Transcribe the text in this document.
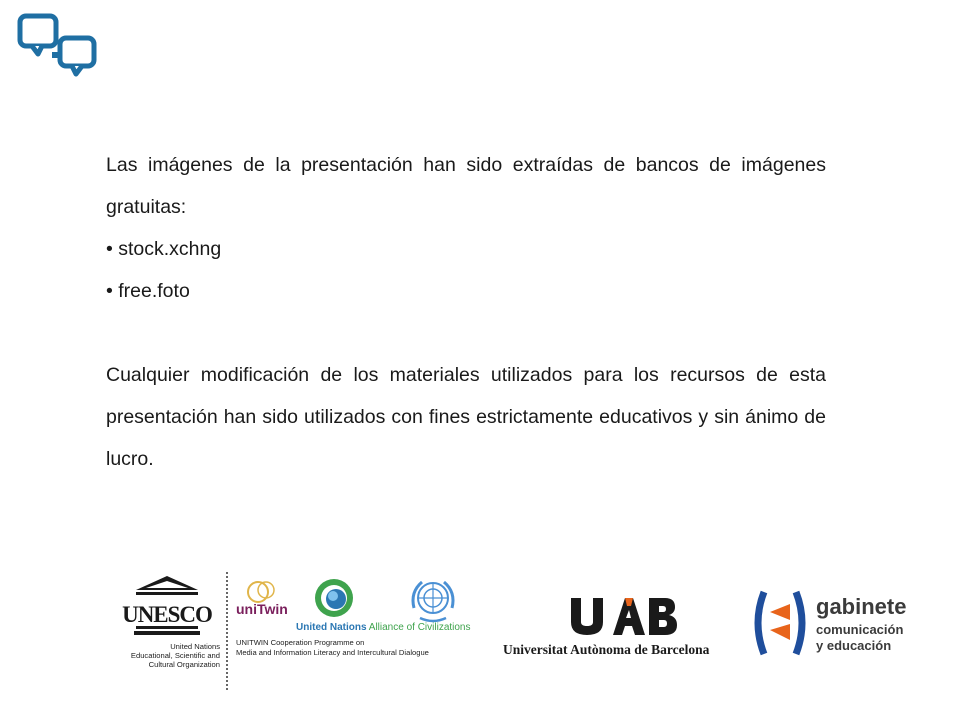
Las imágenes de la presentación han sido extraídas de bancos de imágenes gratuitas:

• stock.xchng

• free.foto

Cualquier modificación de los materiales utilizados para los recursos de esta presentación han sido utilizados con fines estrictamente educativos y sin ánimo de lucro.

UNESCO
United Nations
Educational, Scientific and
Cultural Organization
uniTwin
United Nations Alliance of Civilizations
UNITWIN Cooperation Programme on
Media and Information Literacy and Intercultural Dialogue	Universitat Autònoma de Barcelona
gabinete
comunicación
y educación
